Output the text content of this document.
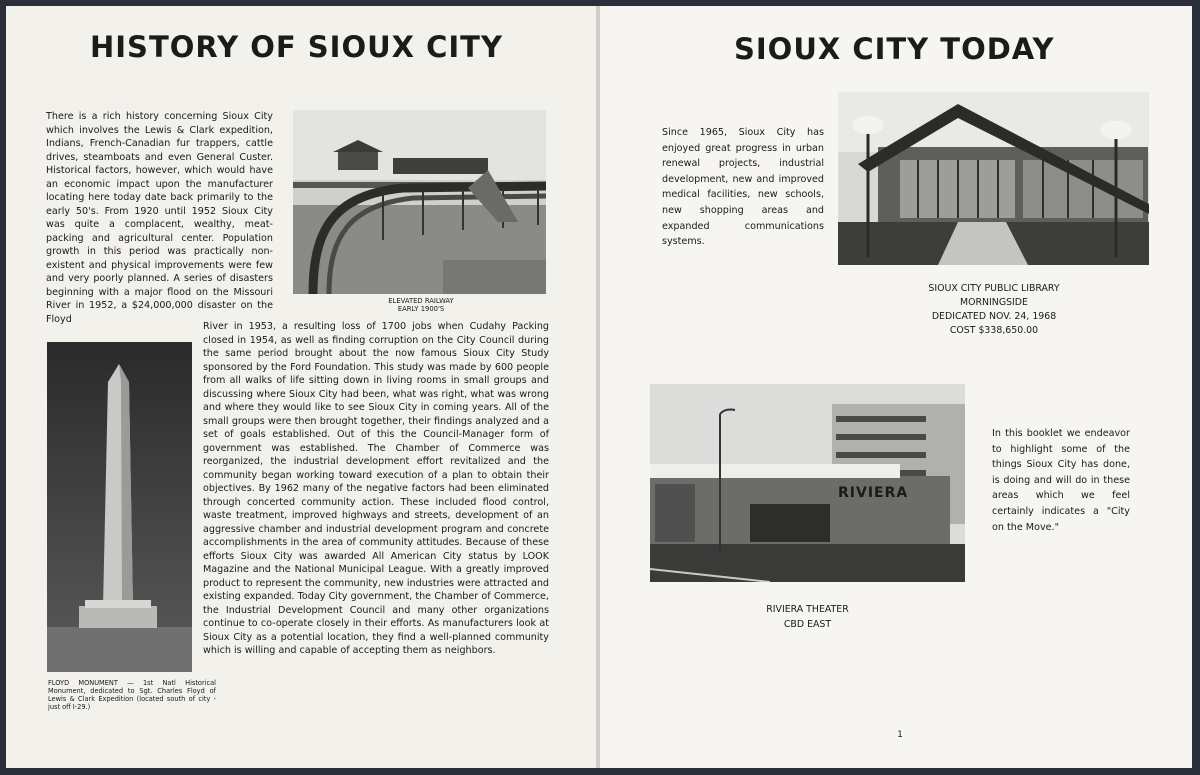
HISTORY OF SIOUX CITY
There is a rich history concerning Sioux City which involves the Lewis & Clark expedition, Indians, French-Canadian fur trappers, cattle drives, steamboats and even General Custer. Historical factors, however, which would have an economic impact upon the manufacturer locating here today date back primarily to the early 50's. From 1920 until 1952 Sioux City was quite a complacent, wealthy, meat-packing and agricultural center. Population growth in this period was practically non-existent and physical improvements were few and very poorly planned. A series of disasters beginning with a major flood on the Missouri River in 1952, a $24,000,000 disaster on the Floyd
ELEVATED RAILWAY
EARLY 1900'S
River in 1953, a resulting loss of 1700 jobs when Cudahy Packing closed in 1954, as well as finding corruption on the City Council during the same period brought about the now famous Sioux City Study sponsored by the Ford Foundation. This study was made by 600 people from all walks of life sitting down in living rooms in small groups and discussing where Sioux City had been, what was right, what was wrong and where they would like to see Sioux City in coming years. All of the small groups were then brought together, their findings analyzed and a set of goals established. Out of this the Council-Manager form of government was established. The Chamber of Commerce was reorganized, the industrial development effort revitalized and the community began working toward execution of a plan to obtain their objectives. By 1962 many of the negative factors had been eliminated through concerted community action. These included flood control, waste treatment, improved highways and streets, development of an aggressive chamber and industrial development program and concrete accomplishments in the area of community attitudes. Because of these efforts Sioux City was awarded All American City status by LOOK Magazine and the National Municipal League. With a greatly improved product to represent the community, new industries were attracted and existing expanded. Today City government, the Chamber of Commerce, the Industrial Development Council and many other organizations continue to co-operate closely in their efforts. As manufacturers look at Sioux City as a potential location, they find a well-planned community which is willing and capable of accepting them as neighbors.
FLOYD MONUMENT — 1st Natl Historical Monument, dedicated to Sgt. Charles Floyd of Lewis & Clark Expedition (located south of city - just off I-29.)
SIOUX CITY TODAY
Since 1965, Sioux City has enjoyed great progress in urban renewal projects, industrial development, new and improved medical facilities, new schools, new shopping areas and expanded communications systems.
SIOUX CITY PUBLIC LIBRARY
MORNINGSIDE
DEDICATED NOV. 24, 1968
COST $338,650.00
RIVIERA
RIVIERA THEATER
CBD EAST
In this booklet we endeavor to highlight some of the things Sioux City has done, is doing and will do in these areas which we feel certainly indicates a "City on the Move."
1
